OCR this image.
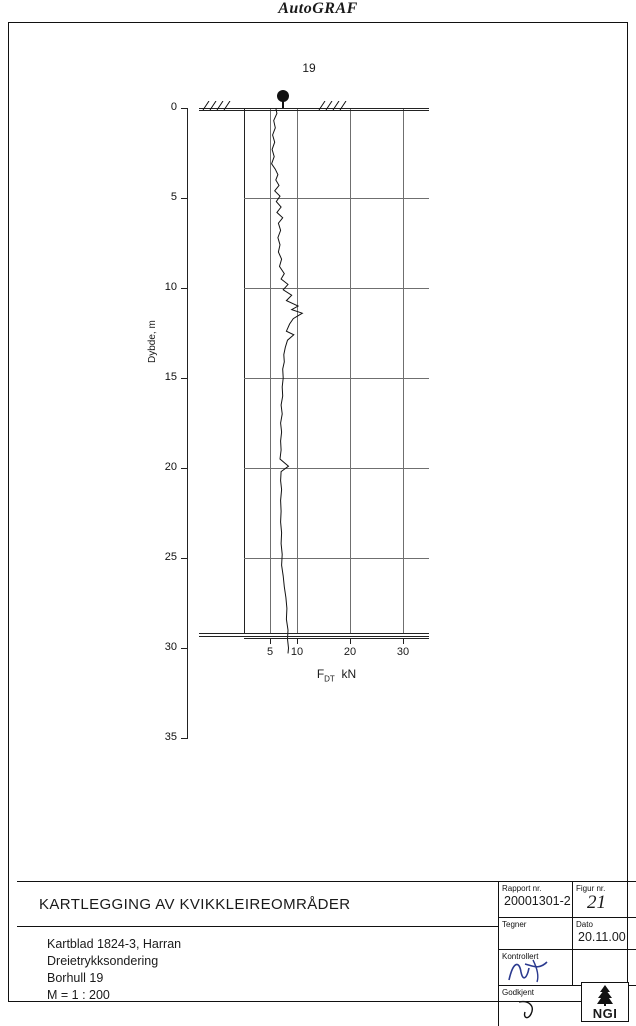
AutoGRAF
19
0
5
10
15
20
25
30
35
Dybde, m
5	10	20	30
$F_{DT}$ kN
KARTLEGGING AV KVIKKLEIREOMRÅDER
Kartblad 1824-3, Harran
Dreietrykksondering
Borhull 19
M = 1 : 200
Rapport nr.
20001301-2
Figur nr.
21
Tegner	Dato
20.11.00
Kontrollert
Godkjent
NGI
